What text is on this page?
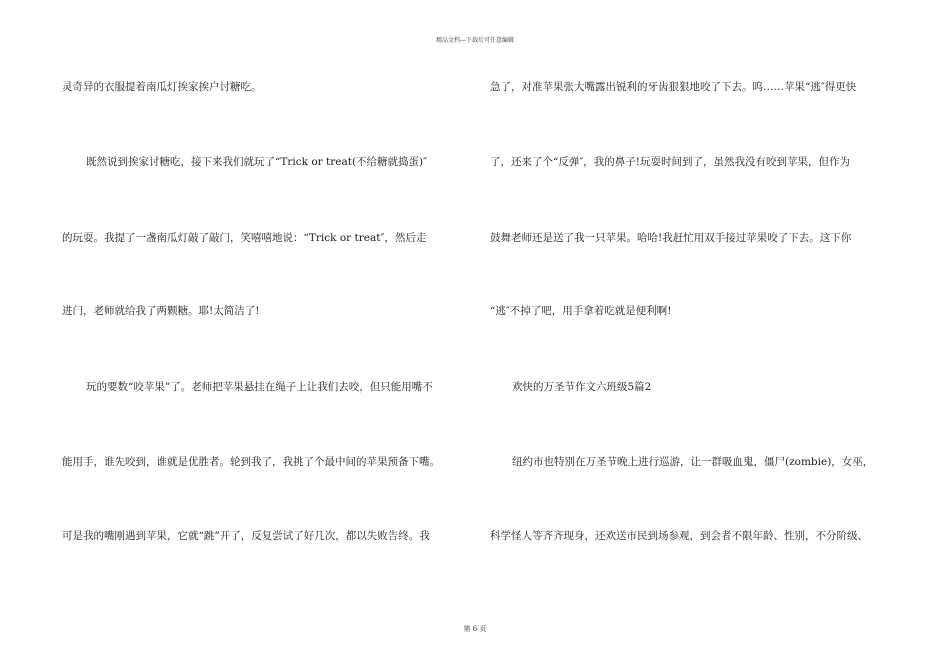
精品文档---下载后可任意编辑
灵奇异的衣服提着南瓜灯挨家挨户讨糖吃。
既然说到挨家讨糖吃，接下来我们就玩了“Trick or treat(不给糖就捣蛋)″
的玩耍。我提了一盏南瓜灯敲了敲门，笑嘻嘻地说：“Trick or treat″，然后走
进门，老师就给我了两颗糖。耶!太简洁了!
玩的要数“咬苹果”了。老师把苹果悬挂在绳子上让我们去咬，但只能用嘴不
能用手，谁先咬到，谁就是优胜者。轮到我了，我挑了个最中间的苹果预备下嘴。
可是我的嘴刚遇到苹果，它就“跳”开了，反复尝试了好几次，都以失败告终。我
急了，对准苹果张大嘴露出锐利的牙齿狠狠地咬了下去。呜……苹果“逃″得更快
了，还来了个“反弹″，我的鼻子!玩耍时间到了，虽然我没有咬到苹果，但作为
鼓舞老师还是送了我一只苹果。哈哈!我赶忙用双手接过苹果咬了下去。这下你
“逃″不掉了吧，用手拿着吃就是便利啊!
欢快的万圣节作文六班级5篇2
纽约市也特别在万圣节晚上进行巡游，让一群吸血鬼，僵尸(zombie)，女巫，
科学怪人等齐齐现身，还欢送市民到场参观，到会者不限年龄、性别，不分阶级、
第 6 页
